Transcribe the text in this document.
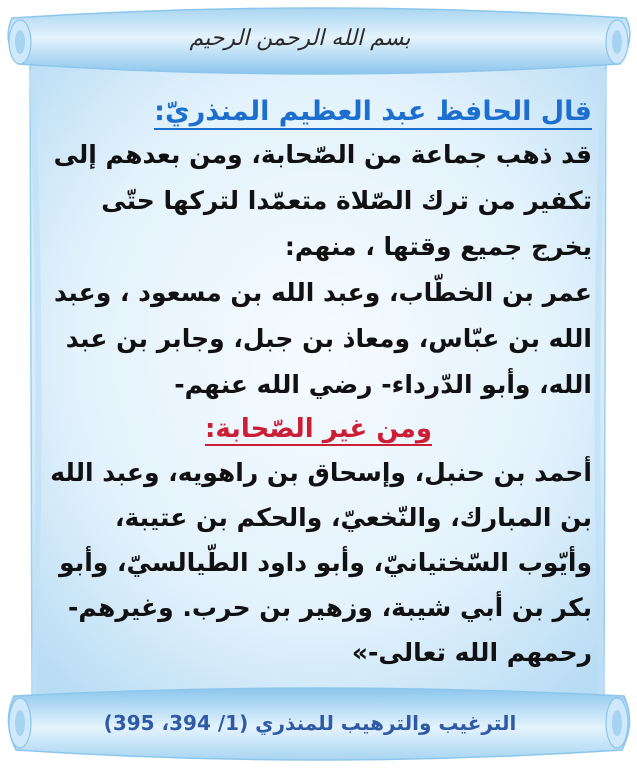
بسم الله الرحمن الرحيم
قال الحافظ عبد العظيم المنذريّ:
قد ذهب جماعة من الصّحابة، ومن بعدهم إلى
تكفير من ترك الصّلاة متعمّدا لتركها حتّى
يخرج جميع وقتها ، منهم:
عمر بن الخطّاب، وعبد الله بن مسعود ، وعبد
الله بن عبّاس، ومعاذ بن جبل، وجابر بن عبد
الله، وأبو الدّرداء- رضي الله عنهم-
ومن غير الصّحابة:
أحمد بن حنبل، وإسحاق بن راهويه، وعبد الله
بن المبارك، والنّخعيّ، والحكم بن عتيبة،
وأيّوب السّختيانيّ، وأبو داود الطّيالسيّ، وأبو
بكر بن أبي شيبة، وزهير بن حرب. وغيرهم-
رحمهم الله تعالى-»
الترغيب والترهيب للمنذري (1/ 394، 395)
